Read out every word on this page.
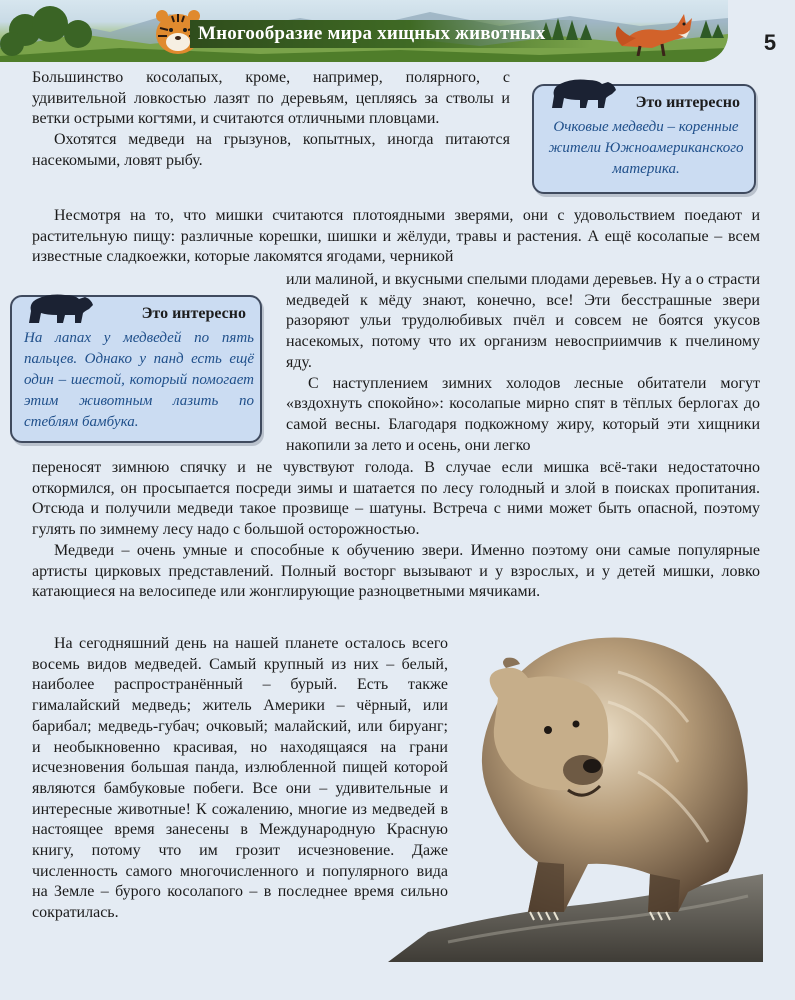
Многообразие мира хищных животных	5

Большинство косолапых, кроме, например, полярного, с удивительной ловкостью лазят по деревьям, цепляясь за стволы и ветки острыми когтями, и считаются отличными пловцами.

Охотятся медведи на грызунов, копытных, иногда питаются насекомыми, ловят рыбу.

Несмотря на то, что мишки считаются плотоядными зверями, они с удовольствием поедают и растительную пищу: различные корешки, шишки и жёлуди, травы и растения. А ещё косолапые – всем известные сладкоежки, которые лакомятся ягодами, черникой

или малиной, и вкусными спелыми плодами деревьев. Ну а о страсти медведей к мёду знают, конечно, все! Эти бесстрашные звери разоряют ульи трудолюбивых пчёл и совсем не боятся укусов насекомых, потому что их организм невосприимчив к пчелиному яду.

С наступлением зимних холодов лесные обитатели могут «вздохнуть спокойно»: косолапые мирно спят в тёплых берлогах до самой весны. Благодаря подкожному жиру, который эти хищники накопили за лето и осень, они легко

переносят зимнюю спячку и не чувствуют голода. В случае если мишка всё-таки недостаточно откормился, он просыпается посреди зимы и шатается по лесу голодный и злой в поисках пропитания. Отсюда и получили медведи такое прозвище – шатуны. Встреча с ними может быть опасной, поэтому гулять по зимнему лесу надо с большой осторожностью.

Медведи – очень умные и способные к обучению звери. Именно поэтому они самые популярные артисты цирковых представлений. Полный восторг вызывают и у взрослых, и у детей мишки, ловко катающиеся на велосипеде или жонглирующие разноцветными мячиками.

На сегодняшний день на нашей планете осталось всего восемь видов медведей. Самый крупный из них – белый, наиболее распространённый – бурый. Есть также гималайский медведь; житель Америки – чёрный, или барибал; медведь-губач; очковый; малайский, или бируанг; и необыкновенно красивая, но находящаяся на грани исчезновения большая панда, излюбленной пищей которой являются бамбуковые побеги. Все они – удивительные и интересные животные! К сожалению, многие из медведей в настоящее время занесены в Международную Красную книгу, потому что им грозит исчезновение. Даже численность самого многочисленного и популярного вида на Земле – бурого косолапого – в последнее время сильно сократилась.

Это интересно
Очковые медведи – коренные жители Южноамериканского материка.
Это интересно
На лапах у медведей по пять пальцев. Однако у панд есть ещё один – шестой, который помогает этим животным лазить по стеблям бамбука.
